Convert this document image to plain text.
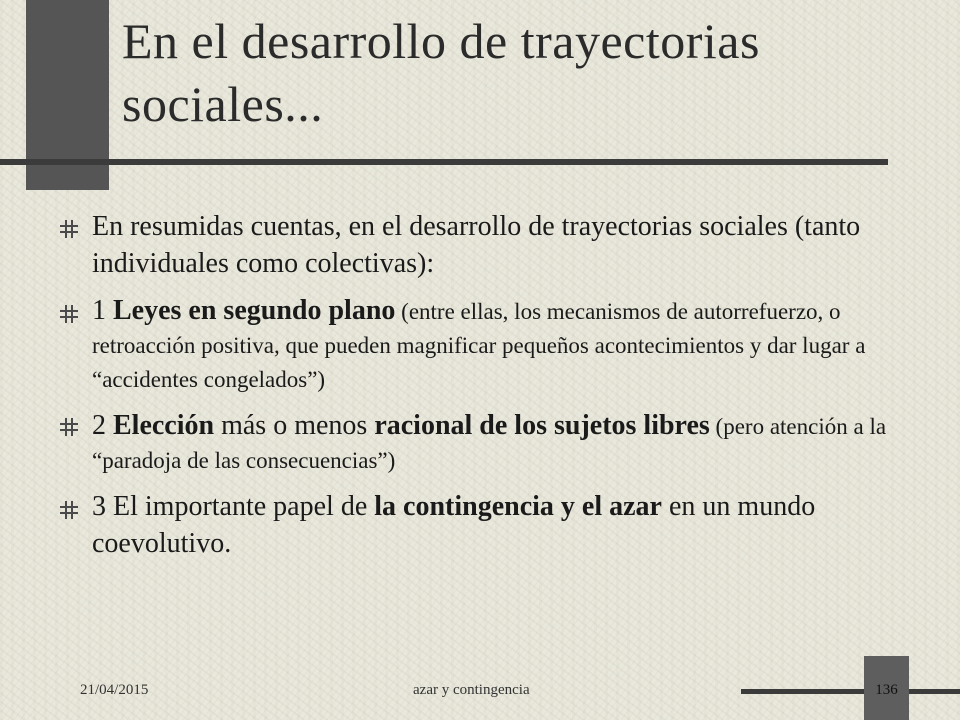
En el desarrollo de trayectorias sociales...
En resumidas cuentas, en el desarrollo de trayectorias sociales (tanto individuales como colectivas):
1 Leyes en segundo plano (entre ellas, los mecanismos de autorrefuerzo, o retroacción positiva, que pueden magnificar pequeños acontecimientos y dar lugar a “accidentes congelados”)
2 Elección más o menos racional de los sujetos libres (pero atención a la “paradoja de las consecuencias”)
3 El importante papel de la contingencia y el azar en un mundo coevolutivo.
21/04/2015	azar y contingencia	136
